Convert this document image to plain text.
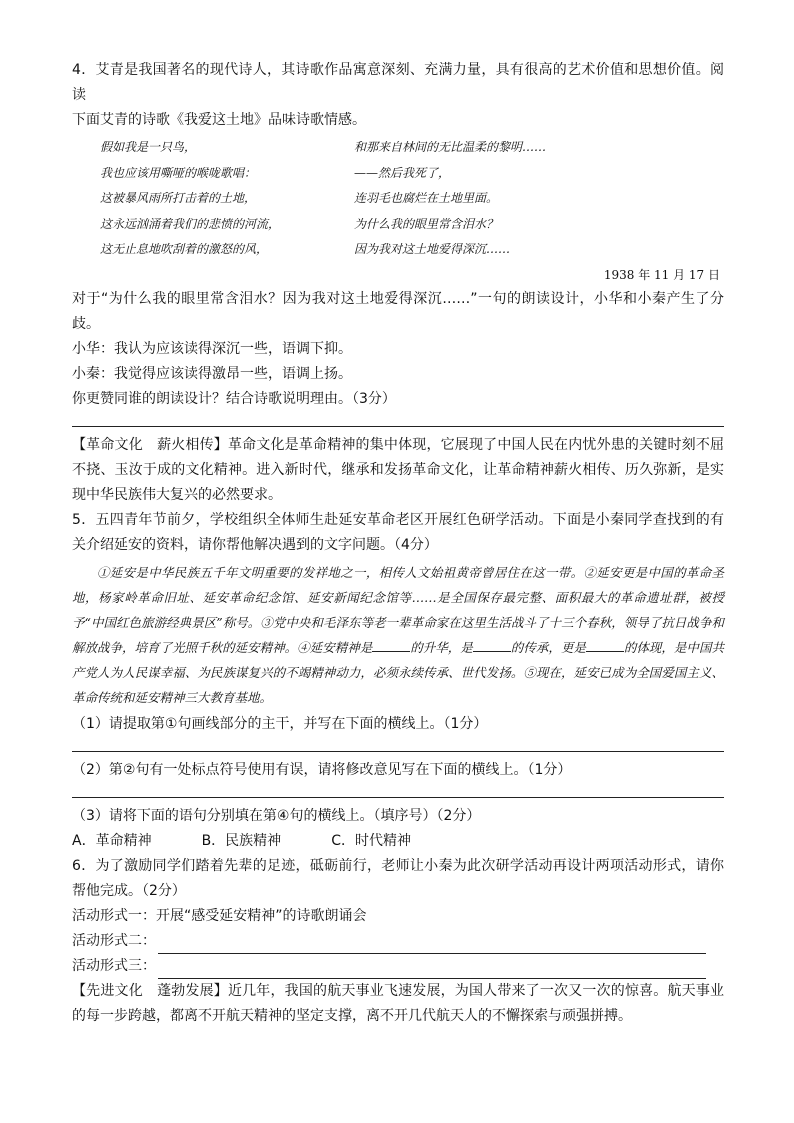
4．艾青是我国著名的现代诗人，其诗歌作品寓意深刻、充满力量，具有很高的艺术价值和思想价值。阅读

下面艾青的诗歌《我爱这土地》品味诗歌情感。

假如我是一只鸟，	和那来自林间的无比温柔的黎明……
我也应该用嘶哑的喉咙歌唱：	——然后我死了，
这被暴风雨所打击着的土地，	连羽毛也腐烂在土地里面。
这永远汹涌着我们的悲愤的河流，	为什么我的眼里常含泪水？
这无止息地吹刮着的激怒的风，	因为我对这土地爱得深沉……
1938 年 11 月 17 日

对于“为什么我的眼里常含泪水？因为我对这土地爱得深沉……”一句的朗读设计，小华和小秦产生了分歧。

小华：我认为应该读得深沉一些，语调下抑。

小秦：我觉得应该读得激昂一些，语调上扬。

你更赞同谁的朗读设计？结合诗歌说明理由。（3分）

【革命文化　薪火相传】革命文化是革命精神的集中体现，它展现了中国人民在内忧外患的关键时刻不屈不挠、玉汝于成的文化精神。进入新时代，继承和发扬革命文化，让革命精神薪火相传、历久弥新，是实现中华民族伟大复兴的必然要求。

5．五四青年节前夕，学校组织全体师生赴延安革命老区开展红色研学活动。下面是小秦同学查找到的有关介绍延安的资料，请你帮他解决遇到的文字问题。（4分）

①延安是中华民族五千年文明重要的发祥地之一，相传人文始祖黄帝曾居住在这一带。②延安更是中国的革命圣地，杨家岭革命旧址、延安革命纪念馆、延安新闻纪念馆等……是全国保存最完整、面积最大的革命遗址群，被授予“中国红色旅游经典景区”称号。③党中央和毛泽东等老一辈革命家在这里生活战斗了十三个春秋，领导了抗日战争和解放战争，培育了光照千秋的延安精神。④延安精神是	的升华，是	的传承，更是	的体现，是中国共产党人为人民谋幸福、为民族谋复兴的不竭精神动力，必须永续传承、世代发扬。⑤现在，延安已成为全国爱国主义、革命传统和延安精神三大教育基地。

（1）请提取第①句画线部分的主干，并写在下面的横线上。（1分）

（2）第②句有一处标点符号使用有误，请将修改意见写在下面的横线上。（1分）

（3）请将下面的语句分别填在第④句的横线上。（填序号）（2分）

A．革命精神	B．民族精神	C．时代精神

6．为了激励同学们踏着先辈的足迹，砥砺前行，老师让小秦为此次研学活动再设计两项活动形式，请你帮他完成。（2分）

活动形式一：开展“感受延安精神”的诗歌朗诵会

活动形式二：
活动形式三：

【先进文化　蓬勃发展】近几年，我国的航天事业飞速发展，为国人带来了一次又一次的惊喜。航天事业的每一步跨越，都离不开航天精神的坚定支撑，离不开几代航天人的不懈探索与顽强拼搏。
